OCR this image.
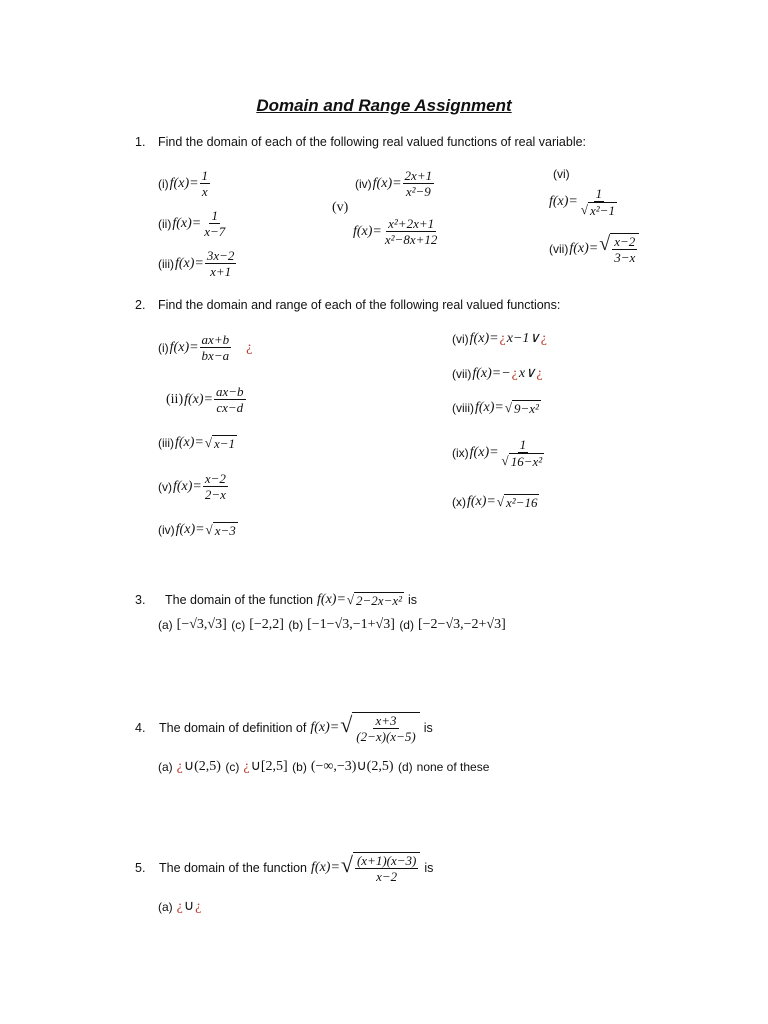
Domain and Range Assignment
1. Find the domain of each of the following real valued functions of real variable:
(i) $f(x)= \frac{1}{x}$
(ii) $f(x)= \frac{1}{x-7}$
(iii) $f(x)= \frac{3x-2}{x+1}$
(iv) $f(x)= \frac{2x+1}{\text{x²−9}}$
(v)
$f(x)= \frac{\text{x²+2x+1}}{\text{x²−8x+12}}$
(vi)
$f(x)= \frac{1}{\text{√ x²−1}}$
(vii) f(x)= √ $\frac{x-2}{3-x}$
2. Find the domain and range of each of the following real valued functions:
(i) $f(x)= \frac{ax+b}{bx-a}$ ¿
(ii) $f(x)= \frac{ax-b}{cx-d}$
(iii) f(x)= √ x−1
(v) $f(x)= \frac{x-2}{2-x}$
(iv) f(x)= √ x−3
(vi) f(x)= ¿ x−1∨ ¿
(vii) f(x)=− ¿ x∨ ¿
(viii) f(x)= √ 9−x²
(ix) $f(x)= \frac{1}{\text{√ 16−x²}}$
(x) f(x)= √ x²−16
3.	The domain of the function f(x)= √ 2−2x−x² is
(a) [−√3,√3]
(c) [−2,2]
(b) [−1−√3,−1+√3]
(d) [−2−√3,−2+√3]
4.	The domain of definition of f(x)= √ $\frac{x+3}{(2-x)(x-5)}$ is
(a) ¿ ∪(2,5)
(c) ¿ ∪[2,5]
(b) (−∞,−3)∪(2,5)
(d) none of these
5.	The domain of the function f(x)= √ $\frac{(x+1)(x-3)}{x-2}$ is
(a) ¿ ∪ ¿
